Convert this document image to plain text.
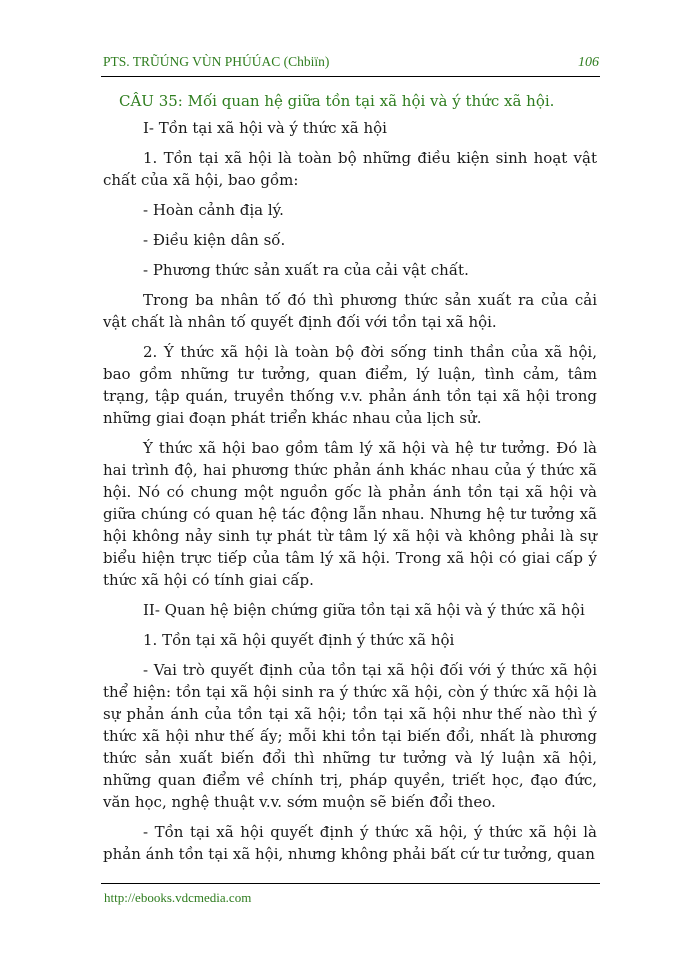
PTS. TRŨÚNG VÙN PHÚÚAC (Chbiïn)	106

CÂU 35: Mối quan hệ giữa tồn tại xã hội và ý thức xã hội.

I- Tồn tại xã hội và ý thức xã hội

1. Tồn tại xã hội là toàn bộ những điều kiện sinh hoạt vật chất của xã hội, bao gồm:

- Hoàn cảnh địa lý.

- Điều kiện dân số.

- Phương thức sản xuất ra của cải vật chất.

Trong ba nhân tố đó thì phương thức sản xuất ra của cải vật chất là nhân tố quyết định đối với tồn tại xã hội.

2. Ý thức xã hội là toàn bộ đời sống tinh thần của xã hội, bao gồm những tư tưởng, quan điểm, lý luận, tình cảm, tâm trạng, tập quán, truyền thống v.v. phản ánh tồn tại xã hội trong những giai đoạn phát triển khác nhau của lịch sử.

Ý thức xã hội bao gồm tâm lý xã hội và hệ tư tưởng. Đó là hai trình độ, hai phương thức phản ánh khác nhau của ý thức xã hội. Nó có chung một nguồn gốc là phản ánh tồn tại xã hội và giữa chúng có quan hệ tác động lẫn nhau. Nhưng hệ tư tưởng xã hội không nảy sinh tự phát từ tâm lý xã hội và không phải là sự biểu hiện trực tiếp của tâm lý xã hội. Trong xã hội có giai cấp ý thức xã hội có tính giai cấp.

II- Quan hệ biện chứng giữa tồn tại xã hội và ý thức xã hội

1. Tồn tại xã hội quyết định ý thức xã hội

- Vai trò quyết định của tồn tại xã hội đối với ý thức xã hội thể hiện: tồn tại xã hội sinh ra ý thức xã hội, còn ý thức xã hội là sự phản ánh của tồn tại xã hội; tồn tại xã hội như thế nào thì ý thức xã hội như thế ấy; mỗi khi tồn tại biến đổi, nhất là phương thức sản xuất biến đổi thì những tư tưởng và lý luận xã hội, những quan điểm về chính trị, pháp quyền, triết học, đạo đức, văn học, nghệ thuật v.v. sớm muộn sẽ biến đổi theo.

- Tồn tại xã hội quyết định ý thức xã hội, ý thức xã hội là phản ánh tồn tại xã hội, nhưng không phải bất cứ tư tưởng, quan

http://ebooks.vdcmedia.com
